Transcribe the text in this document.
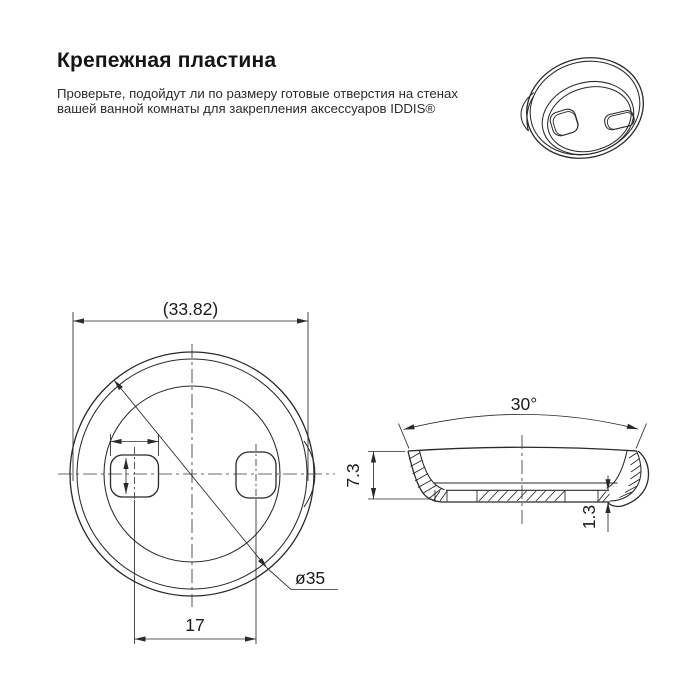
Крепежная пластина
Проверьте, подойдут ли по размеру готовые отверстия на стенах
вашей ванной комнаты для закрепления аксессуаров IDDIS®
(33.82)
17
ø35
30°
7.3
1.3
